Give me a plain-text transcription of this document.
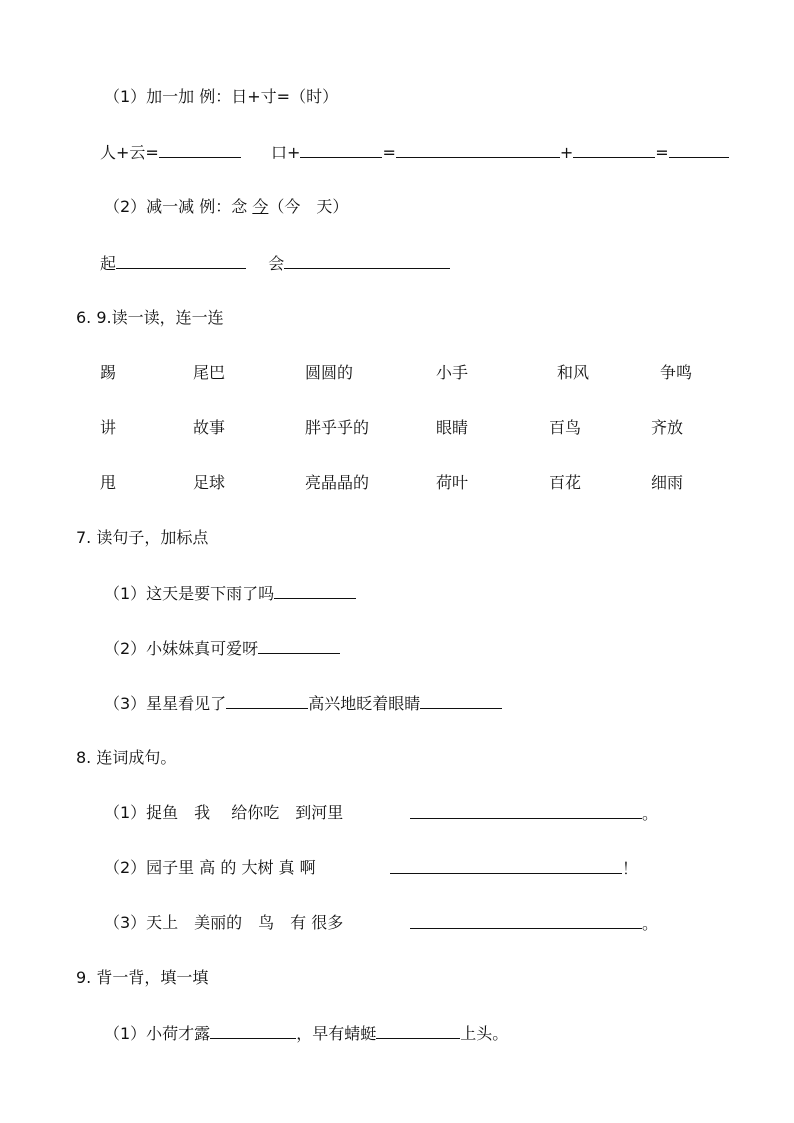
（1）加一加 例：日+寸=（时）
人+云=	口+	=	+	=
（2）减一减 例：念 今（今　天）
起	会
6. 9.读一读，连一连
踢	尾巴	圆圆的	小手	和风	争鸣
讲	故事	胖乎乎的	眼睛	百鸟	齐放
甩	足球	亮晶晶的	荷叶	百花	细雨
7. 读句子，加标点
（1）这天是要下雨了吗
（2）小妹妹真可爱呀
（3）星星看见了	高兴地眨着眼睛
8. 连词成句。
（1）捉鱼　我　 给你吃　到河里	。
（2）园子里 高 的 大树 真 啊	！
（3）天上　美丽的　鸟　有 很多	。
9. 背一背，填一填
（1）小荷才露	，早有蜻蜓	上头。
